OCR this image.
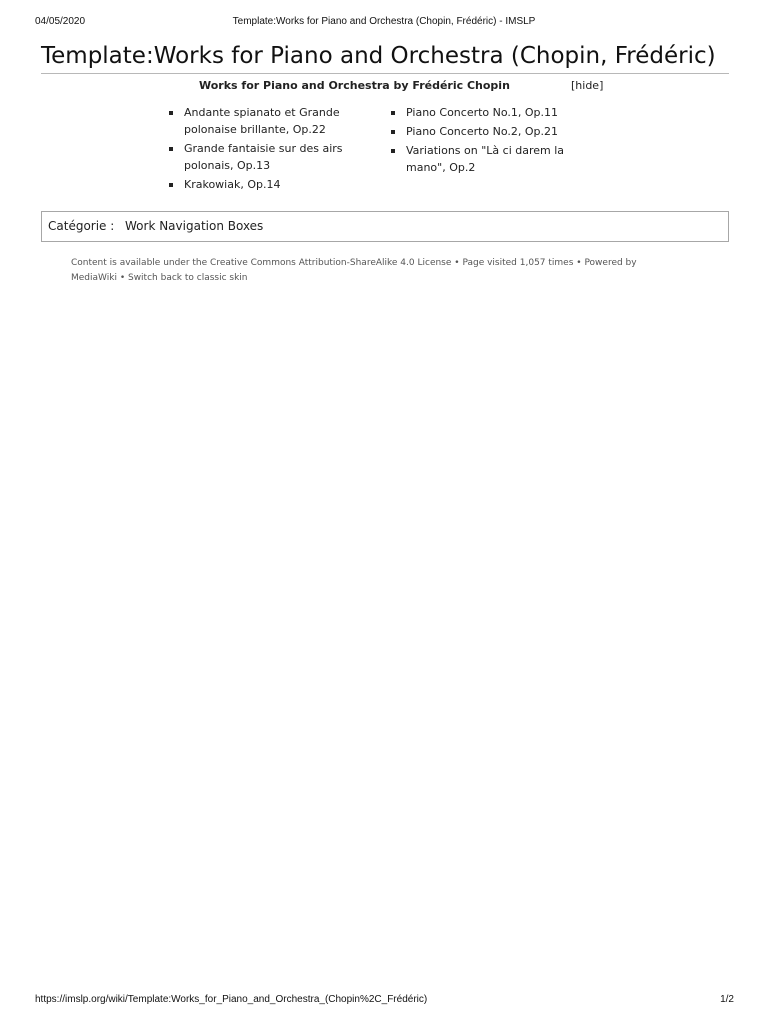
04/05/2020	Template:Works for Piano and Orchestra (Chopin, Frédéric) - IMSLP
Template:Works for Piano and Orchestra (Chopin, Frédéric)
Works for Piano and Orchestra by Frédéric Chopin	[hide]
Andante spianato et Grande polonaise brillante, Op.22
Grande fantaisie sur des airs polonais, Op.13
Krakowiak, Op.14
Piano Concerto No.1, Op.11
Piano Concerto No.2, Op.21
Variations on "Là ci darem la mano", Op.2
Catégorie : Work Navigation Boxes
Content is available under the Creative Commons Attribution-ShareAlike 4.0 License • Page visited 1,057 times • Powered by MediaWiki • Switch back to classic skin
https://imslp.org/wiki/Template:Works_for_Piano_and_Orchestra_(Chopin%2C_Frédéric)	1/2
